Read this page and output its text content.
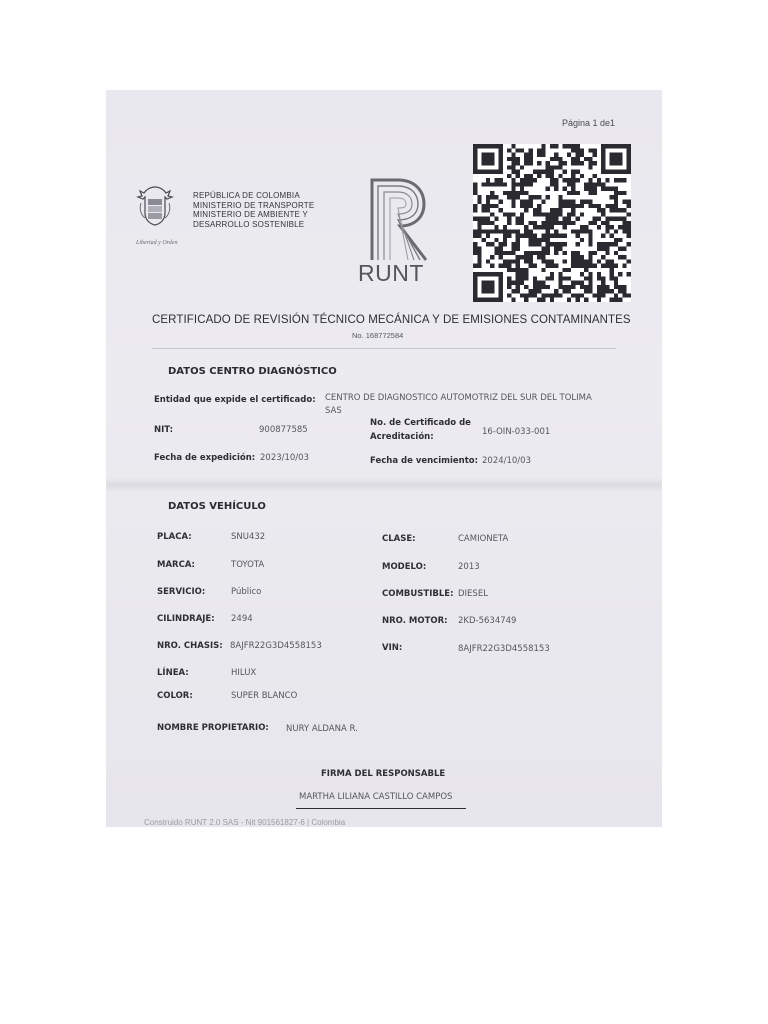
Página 1 de1
Libertad y Orden
REPÚBLICA DE COLOMBIA
MINISTERIO DE TRANSPORTE
MINISTERIO DE AMBIENTE Y
DESARROLLO SOSTENIBLE
RUNT
CERTIFICADO DE REVISIÓN TÉCNICO MECÁNICA Y DE EMISIONES CONTAMINANTES
No. 168772584
DATOS CENTRO DIAGNÓSTICO
Entidad que expide el certificado: CENTRO DE DIAGNOSTICO AUTOMOTRIZ DEL SUR DEL TOLIMA
SAS
NIT:	900877585
No. de Certificado de
Acreditación:	16-OIN-033-001
Fecha de expedición: 2023/10/03	Fecha de vencimiento: 2024/10/03
DATOS VEHÍCULO
PLACA:	SNU432	CLASE:	CAMIONETA
MARCA:	TOYOTA	MODELO:	2013
SERVICIO:	Público	COMBUSTIBLE: DIESEL
CILINDRAJE: 2494	NRO. MOTOR: 2KD-5634749
NRO. CHASIS: 8AJFR22G3D4558153	VIN:	8AJFR22G3D4558153
LÍNEA:	HILUX
COLOR:	SUPER BLANCO
NOMBRE PROPIETARIO: NURY ALDANA R.
FIRMA DEL RESPONSABLE
MARTHA LILIANA CASTILLO CAMPOS
Construido RUNT 2.0 SAS - Nit 901561827-6 | Colombia
